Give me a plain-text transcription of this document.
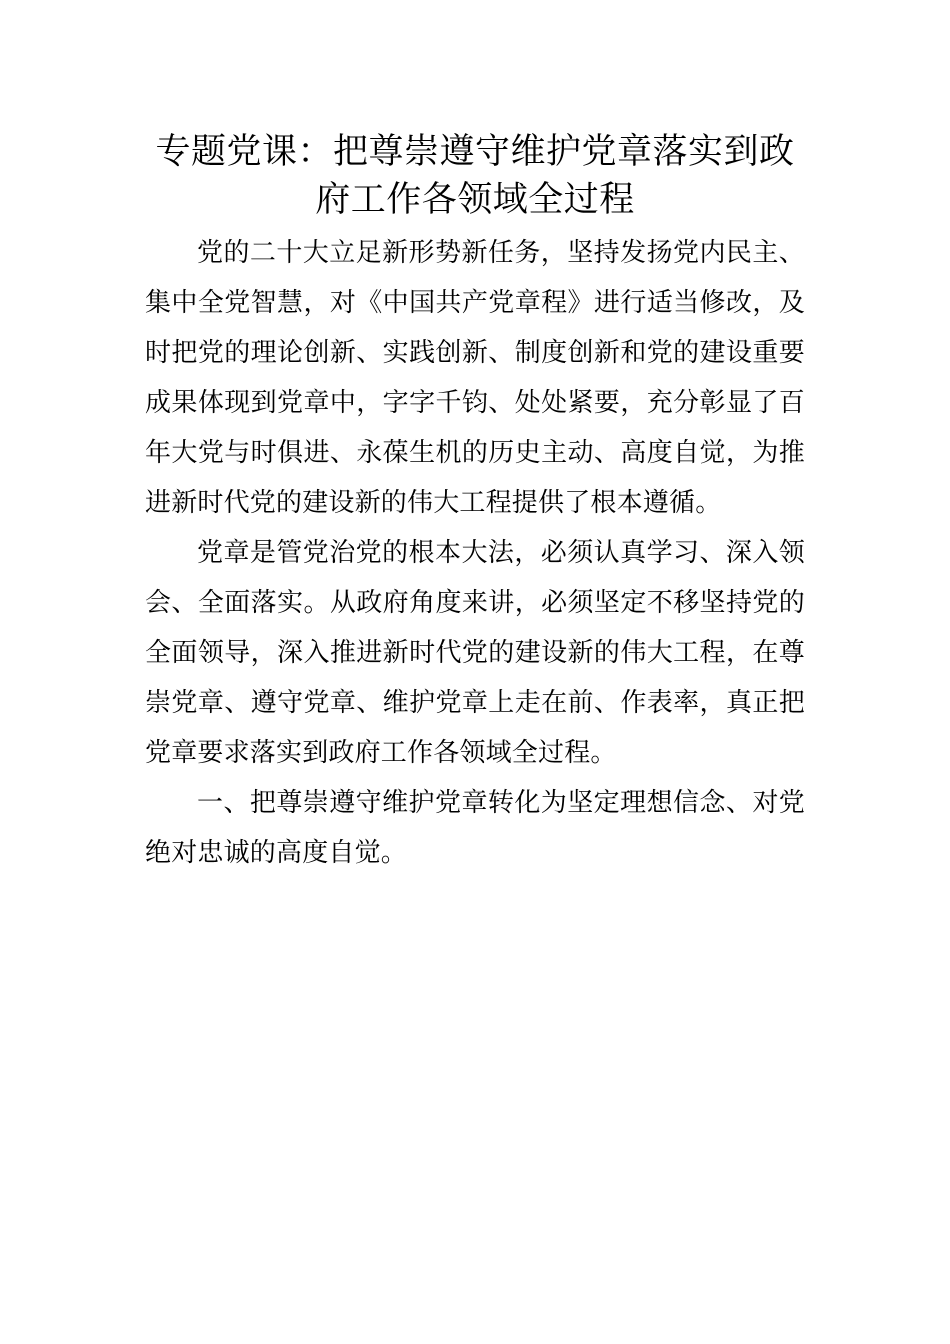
专题党课：把尊崇遵守维护党章落实到政府工作各领域全过程

党的二十大立足新形势新任务，坚持发扬党内民主、集中全党智慧，对《中国共产党章程》进行适当修改，及时把党的理论创新、实践创新、制度创新和党的建设重要成果体现到党章中，字字千钧、处处紧要，充分彰显了百年大党与时俱进、永葆生机的历史主动、高度自觉，为推进新时代党的建设新的伟大工程提供了根本遵循。

党章是管党治党的根本大法，必须认真学习、深入领会、全面落实。从政府角度来讲，必须坚定不移坚持党的全面领导，深入推进新时代党的建设新的伟大工程，在尊崇党章、遵守党章、维护党章上走在前、作表率，真正把党章要求落实到政府工作各领域全过程。

一、把尊崇遵守维护党章转化为坚定理想信念、对党绝对忠诚的高度自觉。
